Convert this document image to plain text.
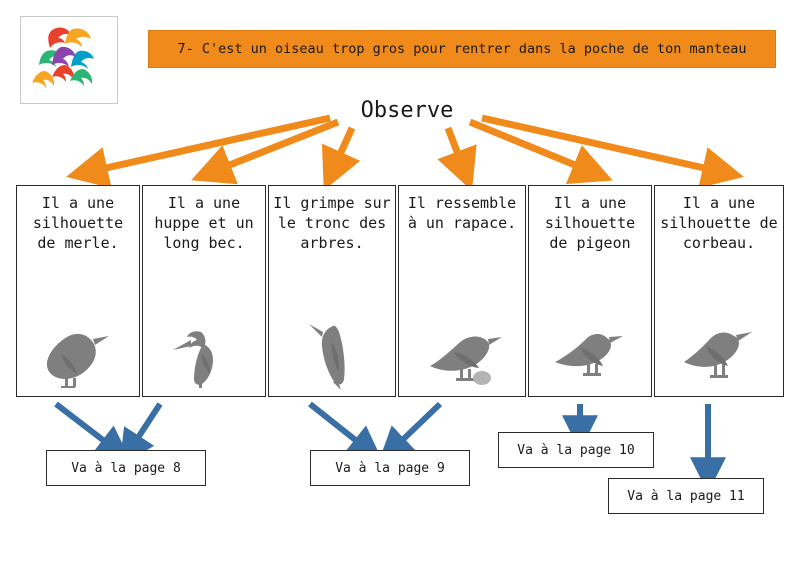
7- C'est un oiseau trop gros pour rentrer dans la poche de ton manteau
Observe
Il a une silhouette de merle.
Il a une huppe et un long bec.
Il grimpe sur le tronc des arbres.
Il ressemble à un rapace.
Il a une silhouette de pigeon
Il a une silhouette de corbeau.
Va à la page 8	Va à la page 9
Va à la page 10
Va à la page 11
